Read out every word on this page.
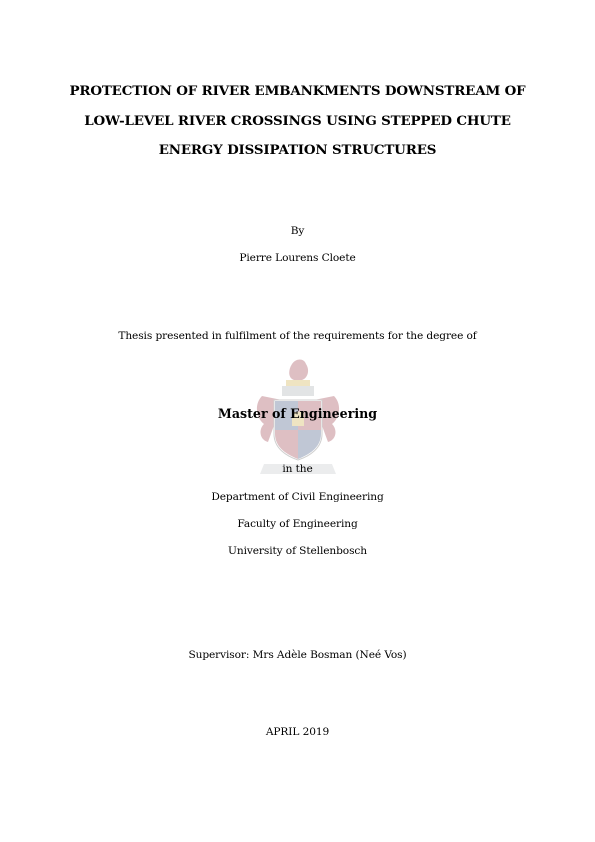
PROTECTION OF RIVER EMBANKMENTS DOWNSTREAM OF
LOW-LEVEL RIVER CROSSINGS USING STEPPED CHUTE
ENERGY DISSIPATION STRUCTURES
By
Pierre Lourens Cloete
Thesis presented in fulfilment of the requirements for the degree of
Master of Engineering
in the
Department of Civil Engineering
Faculty of Engineering
University of Stellenbosch
Supervisor: Mrs Adèle Bosman (Neé Vos)
APRIL 2019
